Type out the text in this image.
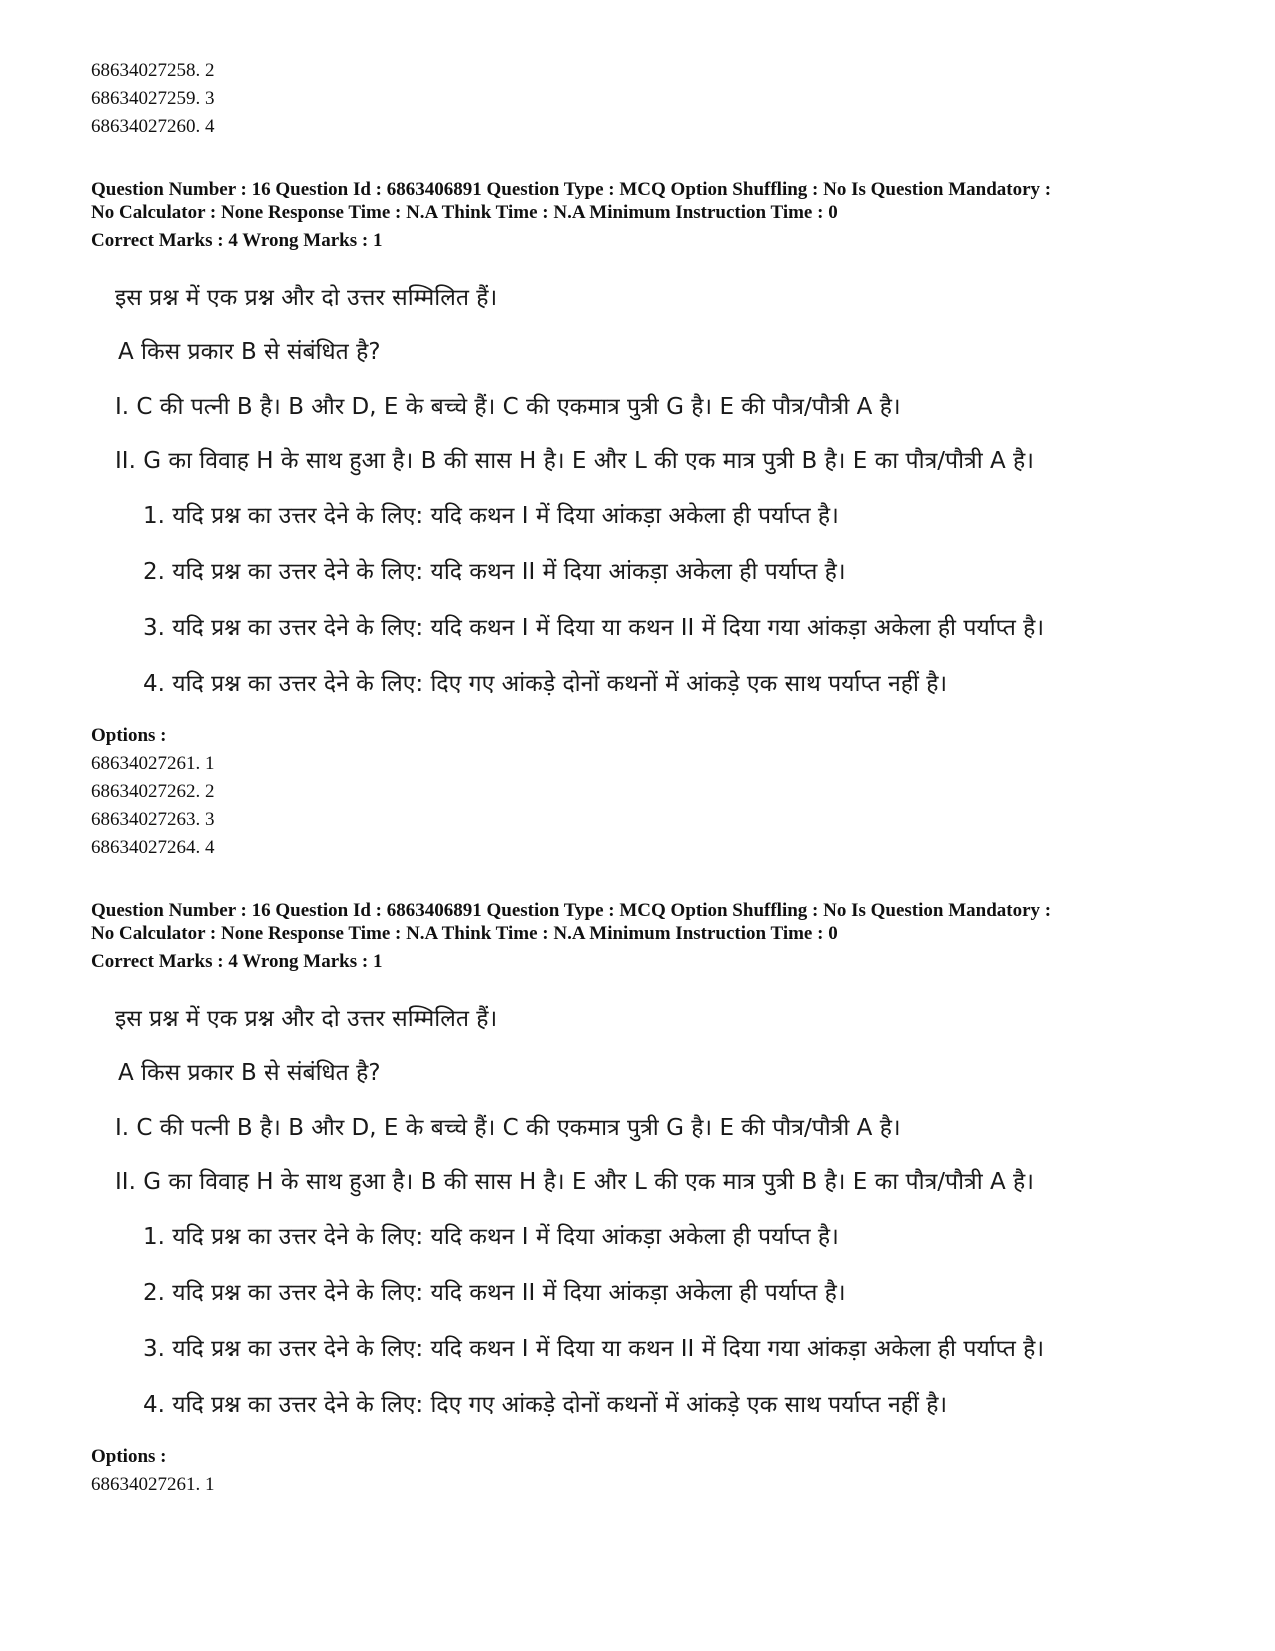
68634027258. 2
68634027259. 3
68634027260. 4
Question Number : 16 Question Id : 6863406891 Question Type : MCQ Option Shuffling : No Is Question Mandatory :
No Calculator : None Response Time : N.A Think Time : N.A Minimum Instruction Time : 0
Correct Marks : 4 Wrong Marks : 1
इस प्रश्न में एक प्रश्न और दो उत्तर सम्मिलित हैं।
A किस प्रकार B से संबंधित है?
I. C की पत्नी B है। B और D, E के बच्चे हैं। C की एकमात्र पुत्री G है। E की पौत्र/पौत्री A है।
II. G का विवाह H के साथ हुआ है। B की सास H है। E और L की एक मात्र पुत्री B है। E का पौत्र/पौत्री A है।
1. यदि प्रश्न का उत्तर देने के लिए: यदि कथन I में दिया आंकड़ा अकेला ही पर्याप्त है।
2. यदि प्रश्न का उत्तर देने के लिए: यदि कथन II में दिया आंकड़ा अकेला ही पर्याप्त है।
3. यदि प्रश्न का उत्तर देने के लिए: यदि कथन I में दिया या कथन II में दिया गया आंकड़ा अकेला ही पर्याप्त है।
4. यदि प्रश्न का उत्तर देने के लिए: दिए गए आंकड़े दोनों कथनों में आंकड़े एक साथ पर्याप्त नहीं है।
Options :
68634027261. 1
68634027262. 2
68634027263. 3
68634027264. 4
Question Number : 16 Question Id : 6863406891 Question Type : MCQ Option Shuffling : No Is Question Mandatory :
No Calculator : None Response Time : N.A Think Time : N.A Minimum Instruction Time : 0
Correct Marks : 4 Wrong Marks : 1
इस प्रश्न में एक प्रश्न और दो उत्तर सम्मिलित हैं।
A किस प्रकार B से संबंधित है?
I. C की पत्नी B है। B और D, E के बच्चे हैं। C की एकमात्र पुत्री G है। E की पौत्र/पौत्री A है।
II. G का विवाह H के साथ हुआ है। B की सास H है। E और L की एक मात्र पुत्री B है। E का पौत्र/पौत्री A है।
1. यदि प्रश्न का उत्तर देने के लिए: यदि कथन I में दिया आंकड़ा अकेला ही पर्याप्त है।
2. यदि प्रश्न का उत्तर देने के लिए: यदि कथन II में दिया आंकड़ा अकेला ही पर्याप्त है।
3. यदि प्रश्न का उत्तर देने के लिए: यदि कथन I में दिया या कथन II में दिया गया आंकड़ा अकेला ही पर्याप्त है।
4. यदि प्रश्न का उत्तर देने के लिए: दिए गए आंकड़े दोनों कथनों में आंकड़े एक साथ पर्याप्त नहीं है।
Options :
68634027261. 1
